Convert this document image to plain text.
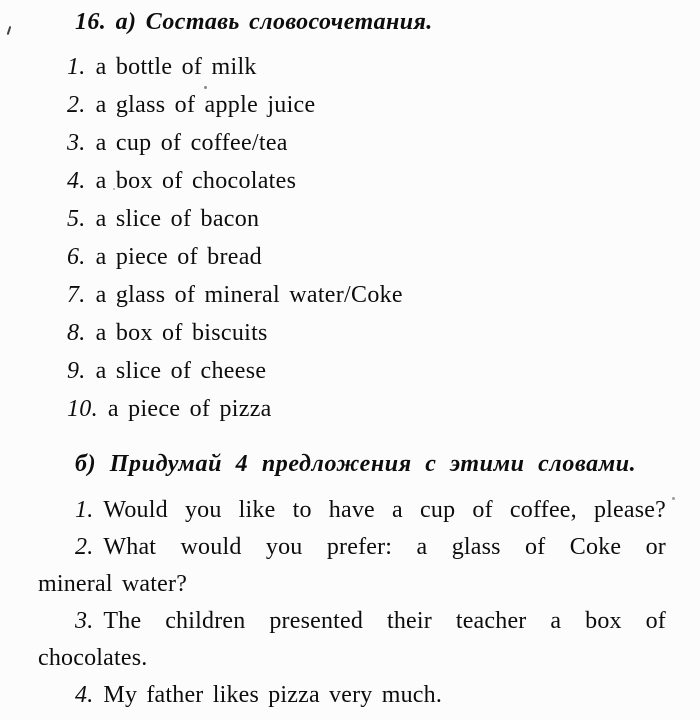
16. а) Составь словосочетания.
1. a bottle of milk
2. a glass of apple juice
3. a cup of coffee/tea
4. a box of chocolates
5. a slice of bacon
6. a piece of bread
7. a glass of mineral water/Coke
8. a box of biscuits
9. a slice of cheese
10. a piece of pizza
б) Придумай 4 предложения с этими словами.
1. Would you like to have a cup of coffee, please?
2. What would you prefer: a glass of Coke or
mineral water?
3. The children presented their teacher a box of
chocolates.
4. My father likes pizza very much.
